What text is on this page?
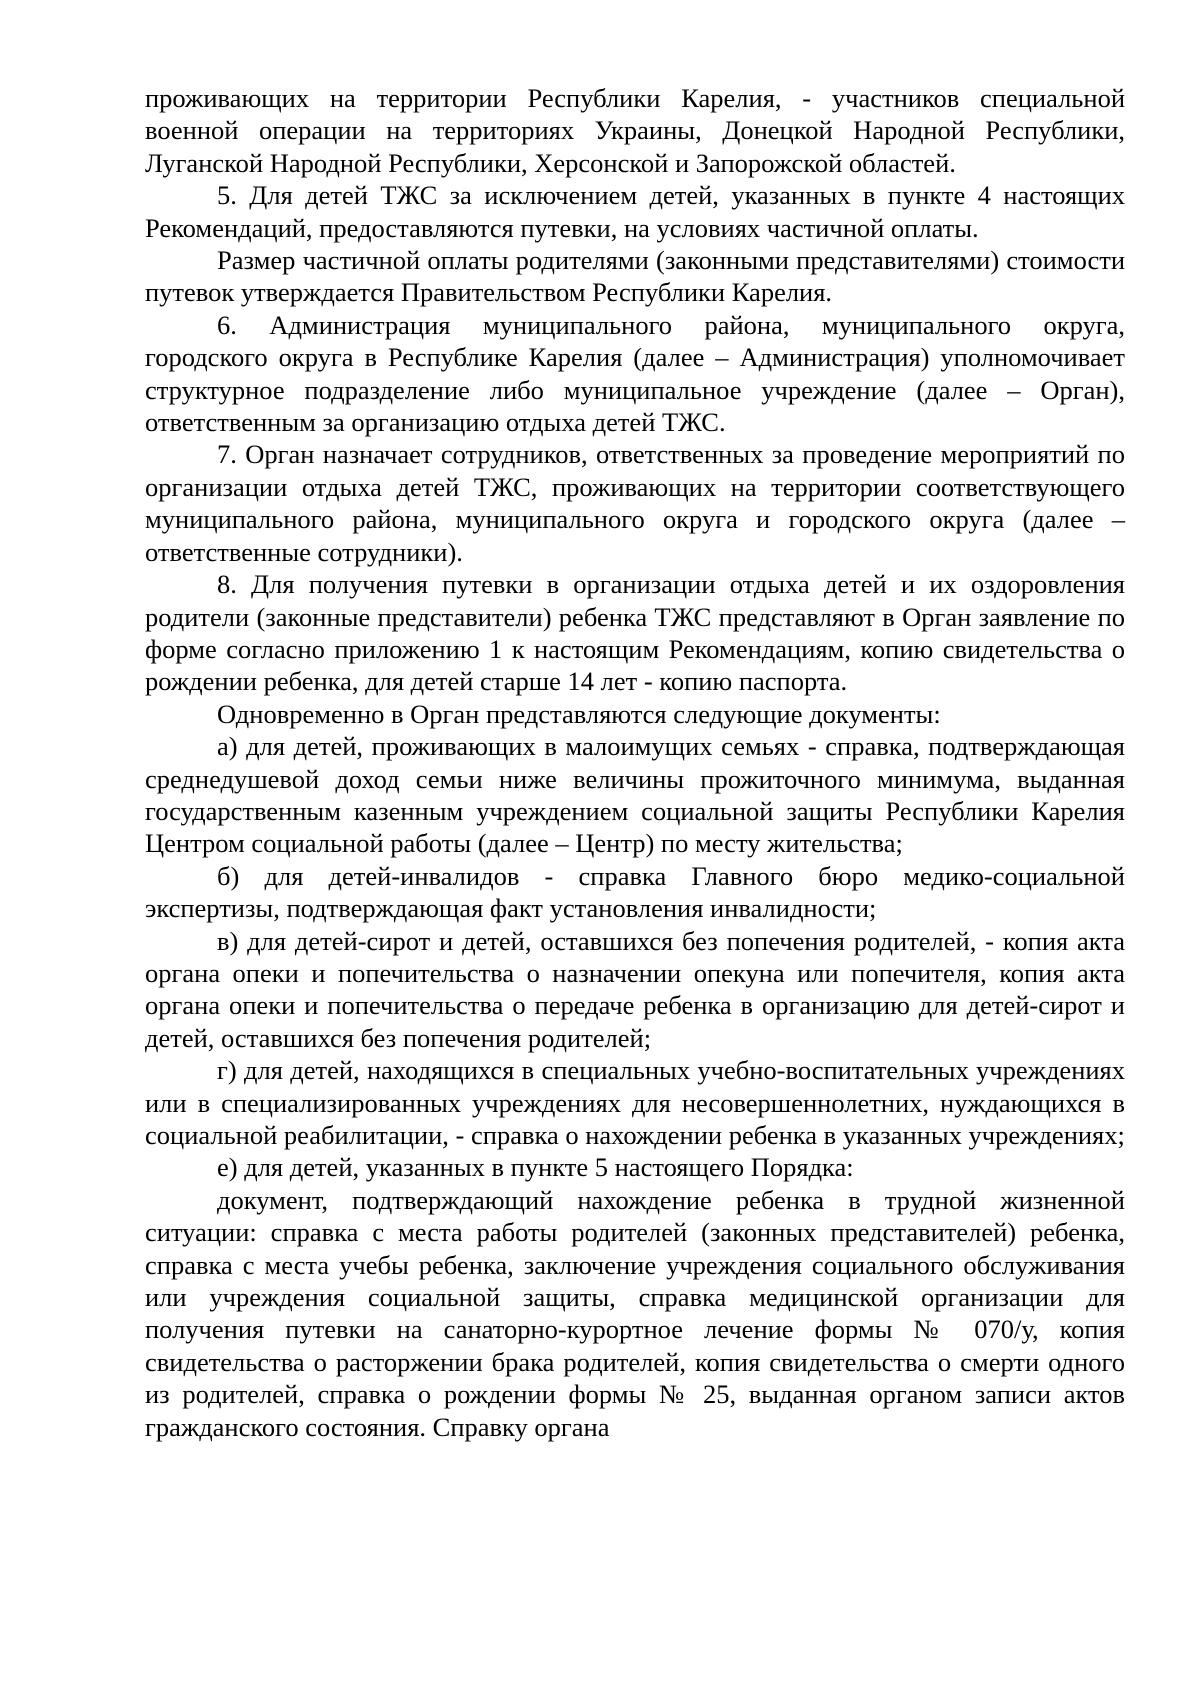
проживающих на территории Республики Карелия, - участников специальной военной операции на территориях Украины, Донецкой Народной Республики, Луганской Народной Республики, Херсонской и Запорожской областей.

5. Для детей ТЖС за исключением детей, указанных в пункте 4 настоящих Рекомендаций, предоставляются путевки, на условиях частичной оплаты.

Размер частичной оплаты родителями (законными представителями) стоимости путевок утверждается Правительством Республики Карелия.

6. Администрация муниципального района, муниципального округа, городского округа в Республике Карелия (далее – Администрация) уполномочивает структурное подразделение либо муниципальное учреждение (далее – Орган), ответственным за организацию отдыха детей ТЖС.

7. Орган назначает сотрудников, ответственных за проведение мероприятий по организации отдыха детей ТЖС, проживающих на территории соответствующего муниципального района, муниципального округа и городского округа (далее – ответственные сотрудники).

8. Для получения путевки в организации отдыха детей и их оздоровления родители (законные представители) ребенка ТЖС представляют в Орган заявление по форме согласно приложению 1 к настоящим Рекомендациям, копию свидетельства о рождении ребенка, для детей старше 14 лет - копию паспорта.

Одновременно в Орган представляются следующие документы:

а) для детей, проживающих в малоимущих семьях - справка, подтверждающая среднедушевой доход семьи ниже величины прожиточного минимума, выданная государственным казенным учреждением социальной защиты Республики Карелия Центром социальной работы (далее – Центр) по месту жительства;

б) для детей-инвалидов - справка Главного бюро медико-социальной экспертизы, подтверждающая факт установления инвалидности;

в) для детей-сирот и детей, оставшихся без попечения родителей, - копия акта органа опеки и попечительства о назначении опекуна или попечителя, копия акта органа опеки и попечительства о передаче ребенка в организацию для детей-сирот и детей, оставшихся без попечения родителей;

г) для детей, находящихся в специальных учебно-воспитательных учреждениях или в специализированных учреждениях для несовершеннолетних, нуждающихся в социальной реабилитации, - справка о нахождении ребенка в указанных учреждениях;

е) для детей, указанных в пункте 5 настоящего Порядка:

документ, подтверждающий нахождение ребенка в трудной жизненной ситуации: справка с места работы родителей (законных представителей) ребенка, справка с места учебы ребенка, заключение учреждения социального обслуживания или учреждения социальной защиты, справка медицинской организации для получения путевки на санаторно-курортное лечение формы № 070/у, копия свидетельства о расторжении брака родителей, копия свидетельства о смерти одного из родителей, справка о рождении формы № 25, выданная органом записи актов гражданского состояния. Справку органа
